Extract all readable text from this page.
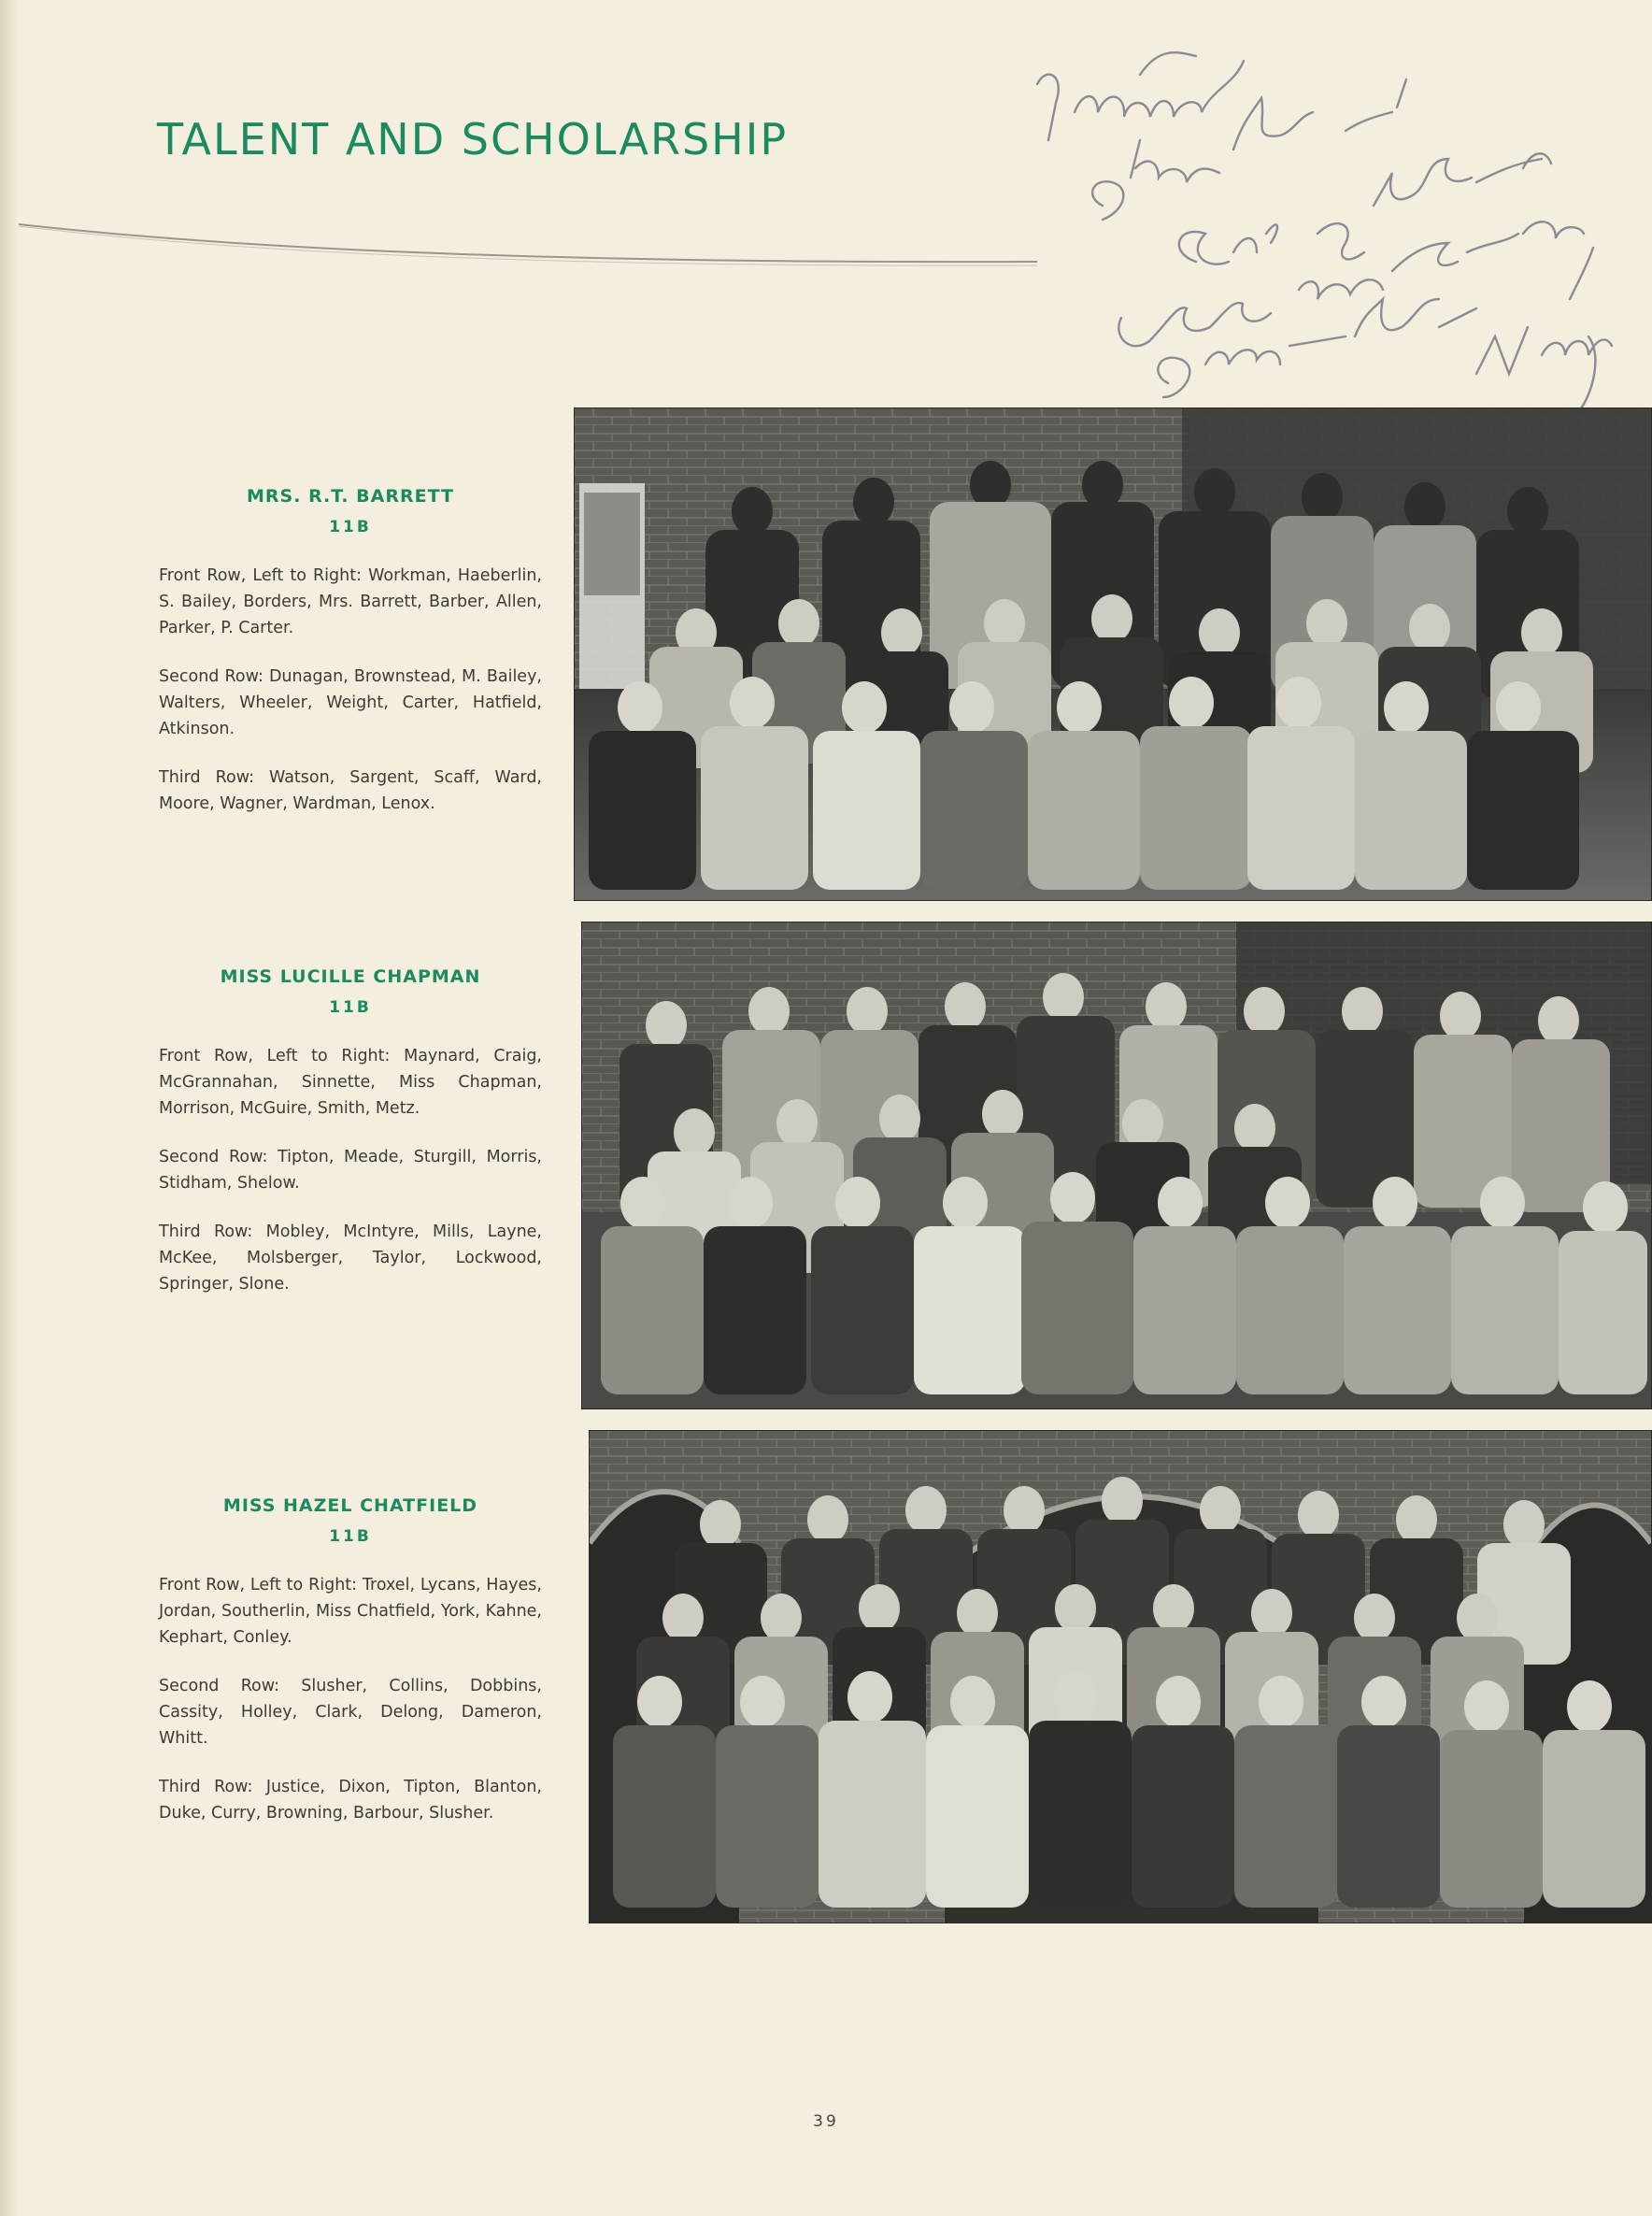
TALENT AND SCHOLARSHIP

MRS. R.T. BARRETT

11B

Front Row, Left to Right: Workman, Haeberlin, S. Bailey, Borders, Mrs. Barrett, Barber, Allen, Parker, P. Carter.

Second Row: Dunagan, Brownstead, M. Bailey, Walters, Wheeler, Weight, Carter, Hatfield, Atkinson.

Third Row: Watson, Sargent, Scaff, Ward, Moore, Wagner, Wardman, Lenox.

MISS LUCILLE CHAPMAN

11B

Front Row, Left to Right: Maynard, Craig, McGrannahan, Sinnette, Miss Chapman, Morrison, McGuire, Smith, Metz.

Second Row: Tipton, Meade, Sturgill, Morris, Stidham, Shelow.

Third Row: Mobley, McIntyre, Mills, Layne, McKee, Molsberger, Taylor, Lockwood, Springer, Slone.

MISS HAZEL CHATFIELD

11B

Front Row, Left to Right: Troxel, Lycans, Hayes, Jordan, Southerlin, Miss Chatfield, York, Kahne, Kephart, Conley.

Second Row: Slusher, Collins, Dobbins, Cassity, Holley, Clark, Delong, Dameron, Whitt.

Third Row: Justice, Dixon, Tipton, Blanton, Duke, Curry, Browning, Barbour, Slusher.

39
